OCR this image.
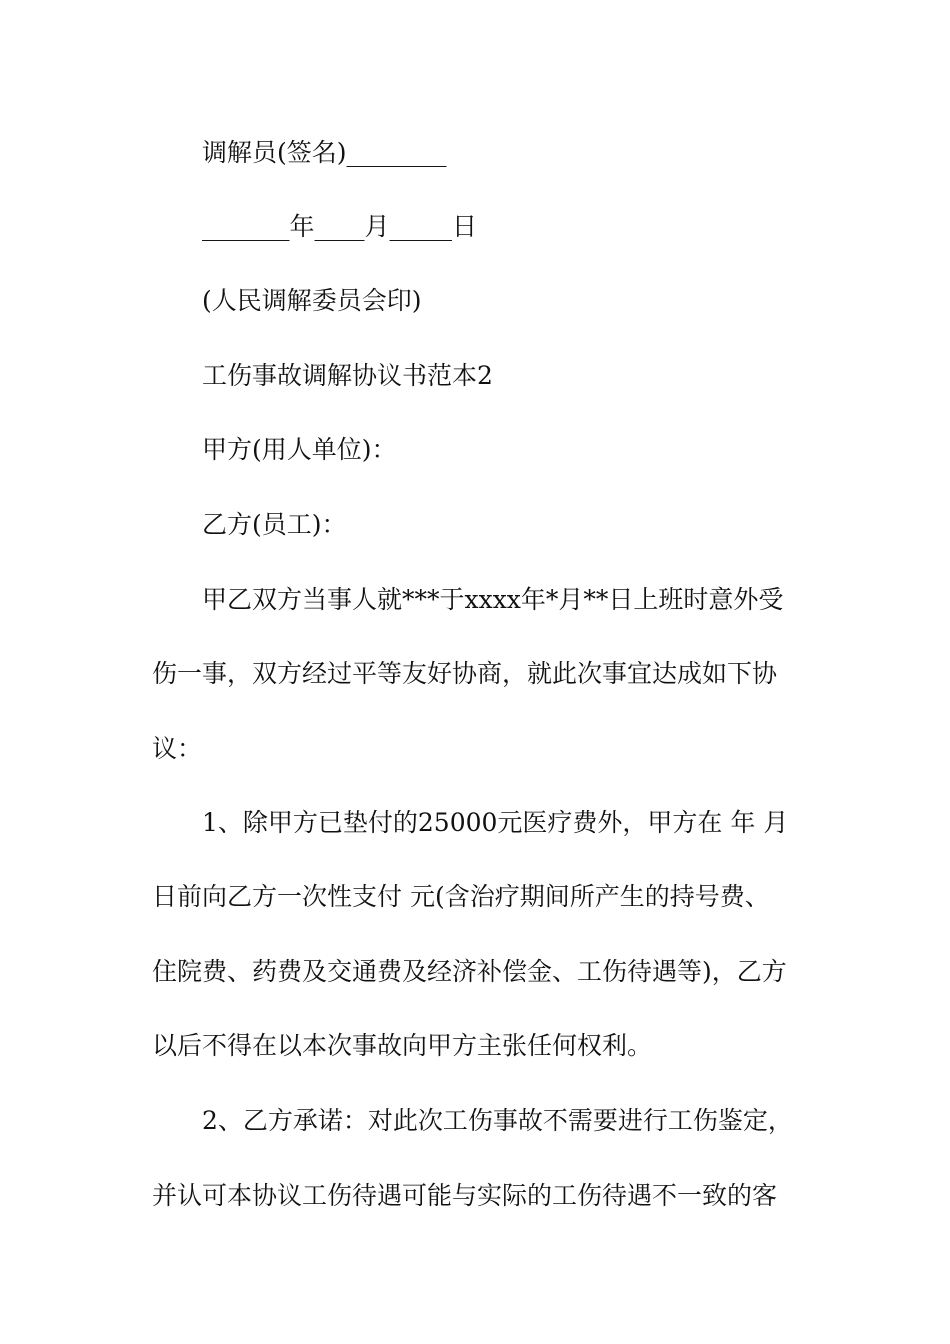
调解员(签名)________
_______年____月_____日
(人民调解委员会印)
工伤事故调解协议书范本2
甲方(用人单位)：
乙方(员工)：
甲乙双方当事人就***于xxxx年*月**日上班时意外受
伤一事，双方经过平等友好协商，就此次事宜达成如下协
议：
1、除甲方已垫付的25000元医疗费外，甲方在 年 月
日前向乙方一次性支付 元(含治疗期间所产生的持号费、
住院费、药费及交通费及经济补偿金、工伤待遇等)，乙方
以后不得在以本次事故向甲方主张任何权利。
2、乙方承诺：对此次工伤事故不需要进行工伤鉴定，
并认可本协议工伤待遇可能与实际的工伤待遇不一致的客
